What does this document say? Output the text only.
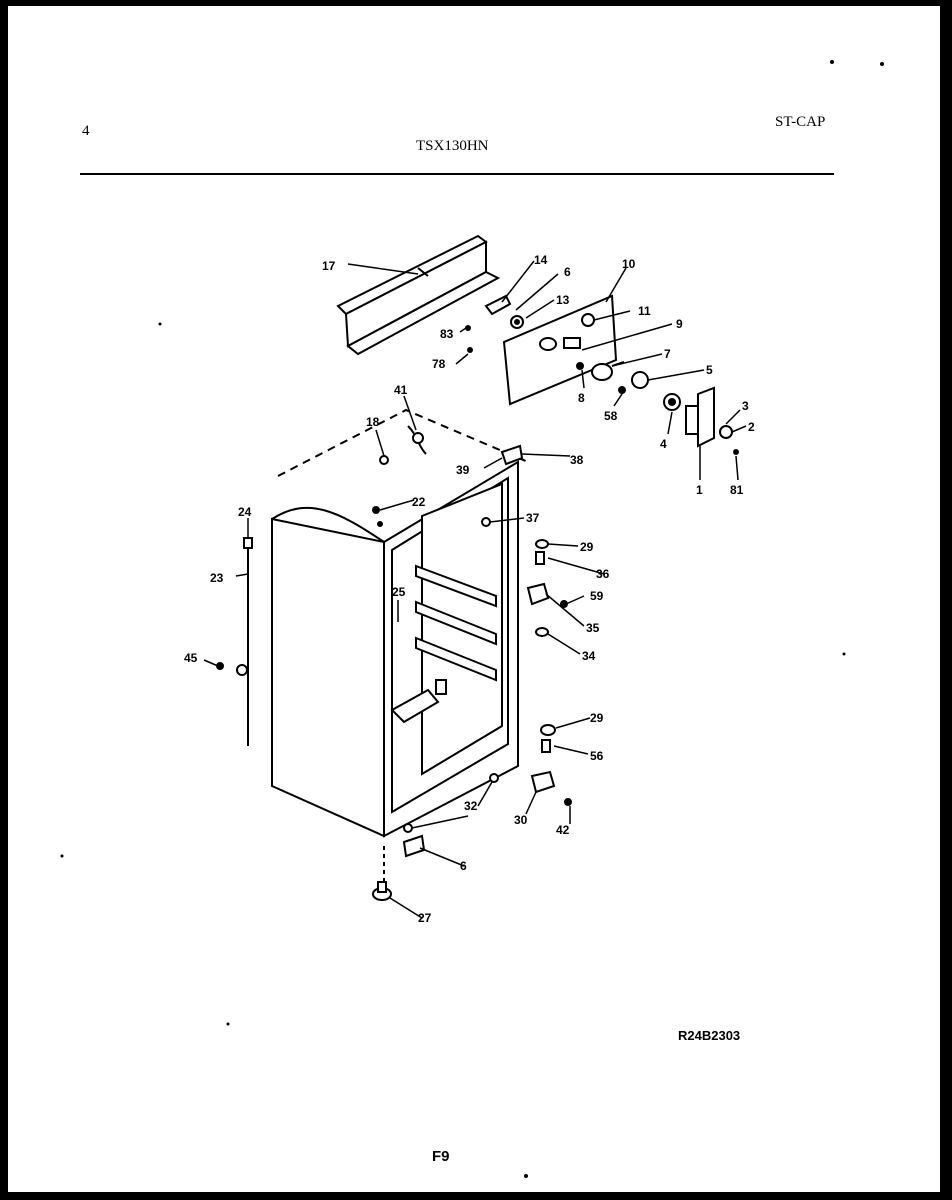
4
TSX130HN
ST-CAP
17	14
6
13
10
11
9
7
5
83
78
8
58
3
2
4
1 81
41
18
38
39
22
37
29
36
59
35
34
24
23
25
45
29
56
32
30
42
6
27
R24B2303
F9
